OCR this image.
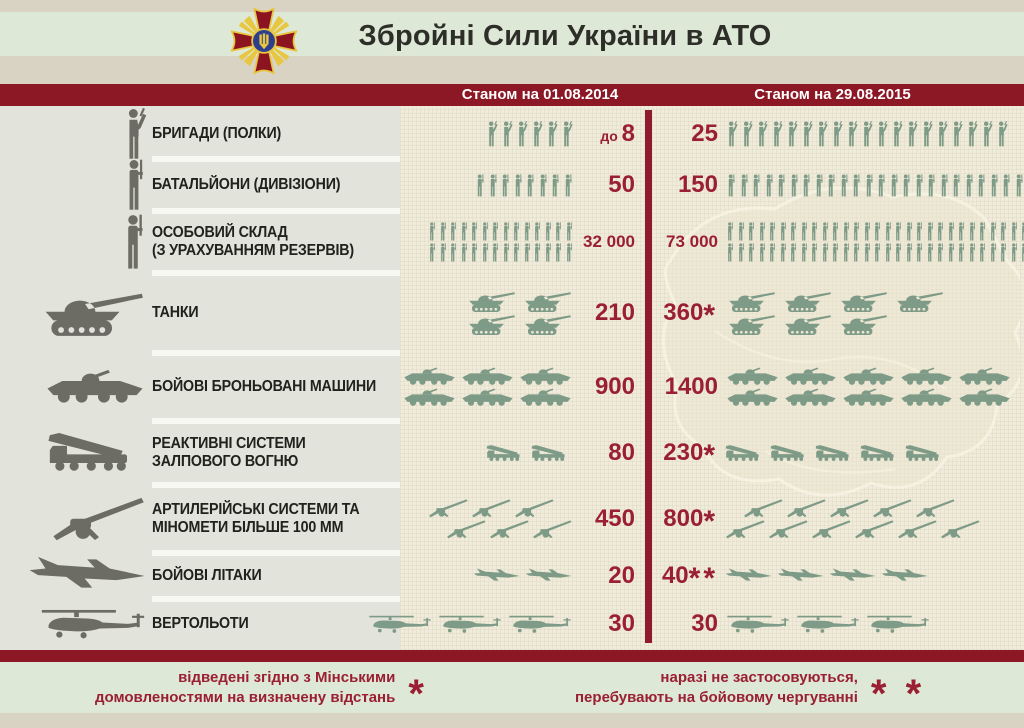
Збройні Сили України в АТО
Станом на 01.08.2014	Станом на 29.08.2015
БРИГАДИ (ПОЛКИ)	до 8	25
БАТАЛЬЙОНИ (ДИВІЗІОНИ)	50	150
ОСОБОВИЙ СКЛАД
(З УРАХУВАННЯМ РЕЗЕРВІВ)	32 000	73 000
ТАНКИ	210	360*
БОЙОВІ БРОНЬОВАНІ МАШИНИ	900	1400
РЕАКТИВНІ СИСТЕМИ
ЗАЛПОВОГО ВОГНЮ	80	230*
АРТИЛЕРІЙСЬКІ СИСТЕМИ ТА
МІНОМЕТИ БІЛЬШЕ 100 ММ	450	800*
БОЙОВІ ЛІТАКИ	20	40**
ВЕРТОЛЬОТИ	30	30
відведені згідно з Мінськими
домовленостями на визначену відстань *	наразі не застосовуються,
перебувають на бойовому чергуванні * *
